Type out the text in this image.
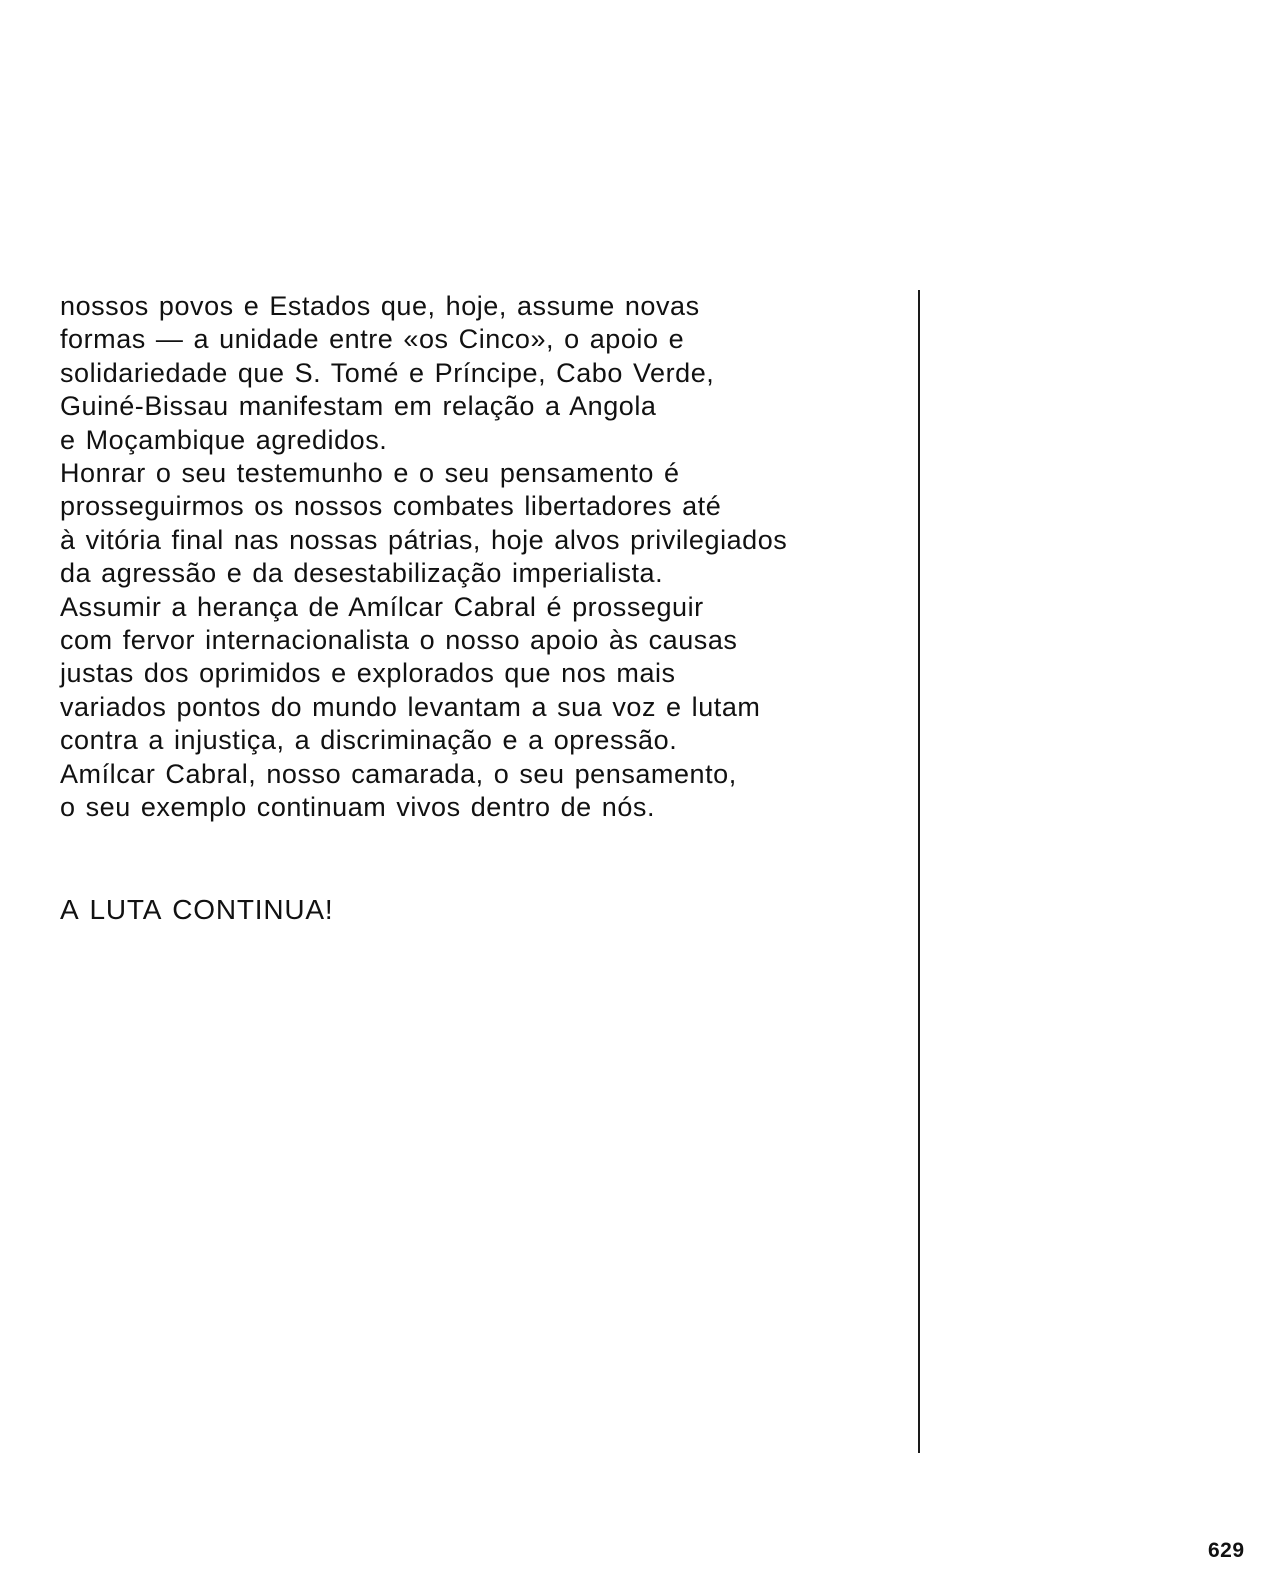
nossos povos e Estados que, hoje, assume novas
formas — a unidade entre «os Cinco», o apoio e
solidariedade que S. Tomé e Príncipe, Cabo Verde,
Guiné-Bissau manifestam em relação a Angola
e Moçambique agredidos.
Honrar o seu testemunho e o seu pensamento é
prosseguirmos os nossos combates libertadores até
à vitória final nas nossas pátrias, hoje alvos privilegiados
da agressão e da desestabilização imperialista.
Assumir a herança de Amílcar Cabral é prosseguir
com fervor internacionalista o nosso apoio às causas
justas dos oprimidos e explorados que nos mais
variados pontos do mundo levantam a sua voz e lutam
contra a injustiça, a discriminação e a opressão.
Amílcar Cabral, nosso camarada, o seu pensamento,
o seu exemplo continuam vivos dentro de nós.
A LUTA CONTINUA!
629
